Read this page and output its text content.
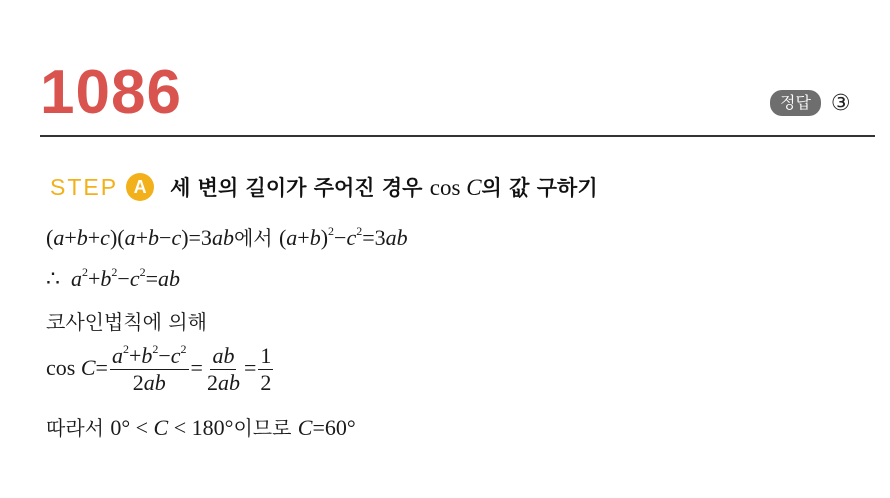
1086	정답 ③
STEP A	세 변의 길이가 주어진 경우 cos C의 값 구하기
(a+b+c)(a+b−c)=3ab에서 $(a+b)^2-c^2=3ab$
∴  $a^2+b^2-c^2=ab$
코사인법칙에 의해
$\cos C= \frac{a^2+b^2-c^2}{2ab} = \frac{ab}{2ab} = \frac{1}{2}$
따라서 0° < C < 180°이므로 C=60°
